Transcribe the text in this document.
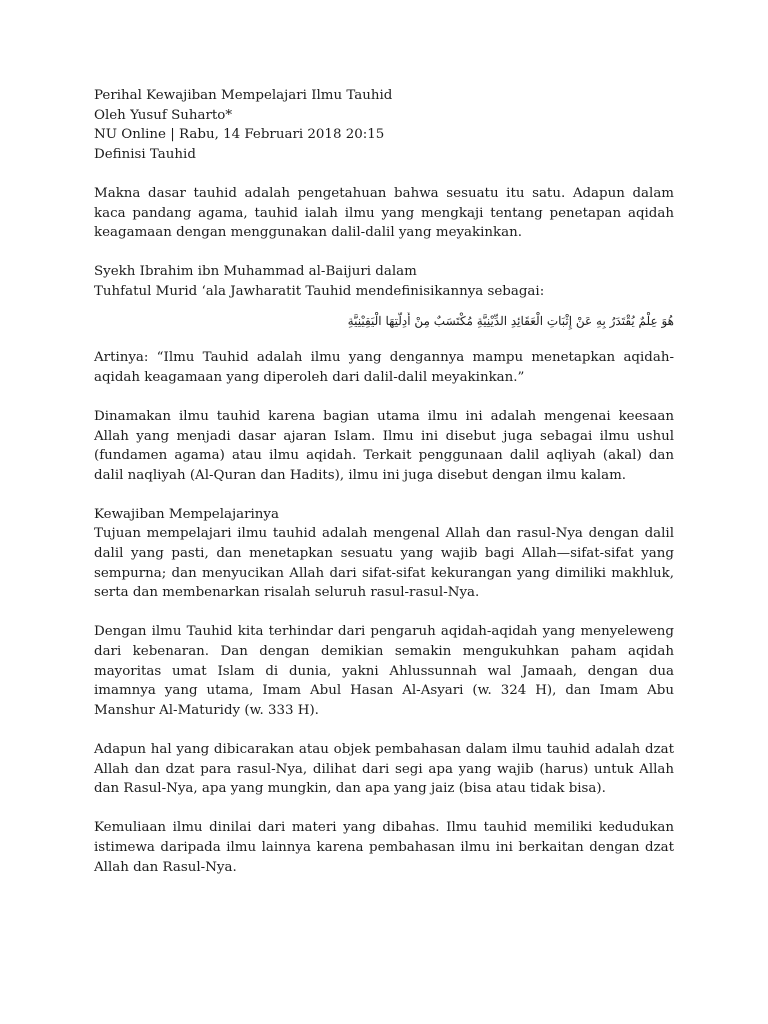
Perihal Kewajiban Mempelajari Ilmu Tauhid
Oleh Yusuf Suharto*
NU Online | Rabu, 14 Februari 2018 20:15
Definisi Tauhid

Makna dasar tauhid adalah pengetahuan bahwa sesuatu itu satu. Adapun dalam kaca pandang agama, tauhid ialah ilmu yang mengkaji tentang penetapan aqidah keagamaan dengan menggunakan dalil-dalil yang meyakinkan.

Syekh Ibrahim ibn Muhammad al-Baijuri dalam
Tuhfatul Murid ‘ala Jawharatit Tauhid mendefinisikannya sebagai:
هُوَ عِلْمٌ يُقْتَدَرُ بِهِ عَنْ إِثْبَاتِ الْعَقَائِدِ الدِّيْنِيَّةِ مُكْتَسَبٌ مِنْ أَدِلَّتِهَا الْيَقِيْنِيَّةِ

Artinya: “Ilmu Tauhid adalah ilmu yang dengannya mampu menetapkan aqidah-aqidah keagamaan yang diperoleh dari dalil-dalil meyakinkan.”

Dinamakan ilmu tauhid karena bagian utama ilmu ini adalah mengenai keesaan Allah yang menjadi dasar ajaran Islam. Ilmu ini disebut juga sebagai ilmu ushul (fundamen agama) atau ilmu aqidah. Terkait penggunaan dalil aqliyah (akal) dan dalil naqliyah (Al-Quran dan Hadits), ilmu ini juga disebut dengan ilmu kalam.

Kewajiban Mempelajarinya

Tujuan mempelajari ilmu tauhid adalah mengenal Allah dan rasul-Nya dengan dalil dalil yang pasti, dan menetapkan sesuatu yang wajib bagi Allah—sifat-sifat yang sempurna; dan menyucikan Allah dari sifat-sifat kekurangan yang dimiliki makhluk, serta dan membenarkan risalah seluruh rasul-rasul-Nya.

Dengan ilmu Tauhid kita terhindar dari pengaruh aqidah-aqidah yang menyeleweng dari kebenaran. Dan dengan demikian semakin mengukuhkan paham aqidah mayoritas umat Islam di dunia, yakni Ahlussunnah wal Jamaah, dengan dua imamnya yang utama, Imam Abul Hasan Al-Asyari (w. 324 H), dan Imam Abu Manshur Al-Maturidy (w. 333 H).

Adapun hal yang dibicarakan atau objek pembahasan dalam ilmu tauhid adalah dzat Allah dan dzat para rasul-Nya, dilihat dari segi apa yang wajib (harus) untuk Allah dan Rasul-Nya, apa yang mungkin, dan apa yang jaiz (bisa atau tidak bisa).

Kemuliaan ilmu dinilai dari materi yang dibahas. Ilmu tauhid memiliki kedudukan istimewa daripada ilmu lainnya karena pembahasan ilmu ini berkaitan dengan dzat Allah dan Rasul-Nya.
